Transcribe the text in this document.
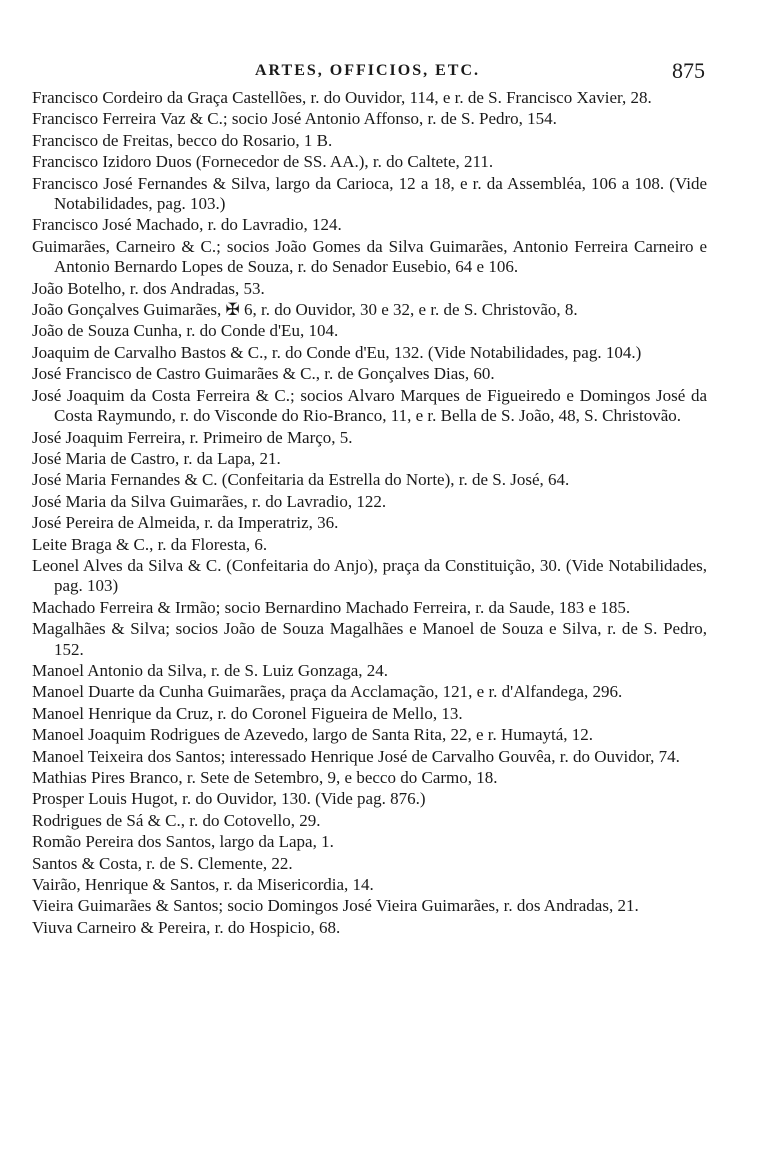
ARTES, OFFICIOS, ETC.	875

Francisco Cordeiro da Graça Castellões, r. do Ouvidor, 114, e r. de S. Francisco Xavier, 28.

Francisco Ferreira Vaz & C.; socio José Antonio Affonso, r. de S. Pedro, 154.

Francisco de Freitas, becco do Rosario, 1 B.

Francisco Izidoro Duos (Fornecedor de SS. AA.), r. do Caltete, 211.

Francisco José Fernandes & Silva, largo da Carioca, 12 a 18, e r. da Assembléa, 106 a 108. (Vide Notabilidades, pag. 103.)

Francisco José Machado, r. do Lavradio, 124.

Guimarães, Carneiro & C.; socios João Gomes da Silva Guimarães, Antonio Ferreira Carneiro e Antonio Bernardo Lopes de Souza, r. do Senador Eusebio, 64 e 106.

João Botelho, r. dos Andradas, 53.

João Gonçalves Guimarães, ✠ 6, r. do Ouvidor, 30 e 32, e r. de S. Christovão, 8.

João de Souza Cunha, r. do Conde d'Eu, 104.

Joaquim de Carvalho Bastos & C., r. do Conde d'Eu, 132. (Vide Notabilidades, pag. 104.)

José Francisco de Castro Guimarães & C., r. de Gonçalves Dias, 60.

José Joaquim da Costa Ferreira & C.; socios Alvaro Marques de Figueiredo e Domingos José da Costa Raymundo, r. do Visconde do Rio-Branco, 11, e r. Bella de S. João, 48, S. Christovão.

José Joaquim Ferreira, r. Primeiro de Março, 5.

José Maria de Castro, r. da Lapa, 21.

José Maria Fernandes & C. (Confeitaria da Estrella do Norte), r. de S. José, 64.

José Maria da Silva Guimarães, r. do Lavradio, 122.

José Pereira de Almeida, r. da Imperatriz, 36.

Leite Braga & C., r. da Floresta, 6.

Leonel Alves da Silva & C. (Confeitaria do Anjo), praça da Constituição, 30. (Vide Notabilidades, pag. 103)

Machado Ferreira & Irmão; socio Bernardino Machado Ferreira, r. da Saude, 183 e 185.

Magalhães & Silva; socios João de Souza Magalhães e Manoel de Souza e Silva, r. de S. Pedro, 152.

Manoel Antonio da Silva, r. de S. Luiz Gonzaga, 24.

Manoel Duarte da Cunha Guimarães, praça da Acclamação, 121, e r. d'Alfandega, 296.

Manoel Henrique da Cruz, r. do Coronel Figueira de Mello, 13.

Manoel Joaquim Rodrigues de Azevedo, largo de Santa Rita, 22, e r. Humaytá, 12.

Manoel Teixeira dos Santos; interessado Henrique José de Carvalho Gouvêa, r. do Ouvidor, 74.

Mathias Pires Branco, r. Sete de Setembro, 9, e becco do Carmo, 18.

Prosper Louis Hugot, r. do Ouvidor, 130. (Vide pag. 876.)

Rodrigues de Sá & C., r. do Cotovello, 29.

Romão Pereira dos Santos, largo da Lapa, 1.

Santos & Costa, r. de S. Clemente, 22.

Vairão, Henrique & Santos, r. da Misericordia, 14.

Vieira Guimarães & Santos; socio Domingos José Vieira Guimarães, r. dos Andradas, 21.

Viuva Carneiro & Pereira, r. do Hospicio, 68.
